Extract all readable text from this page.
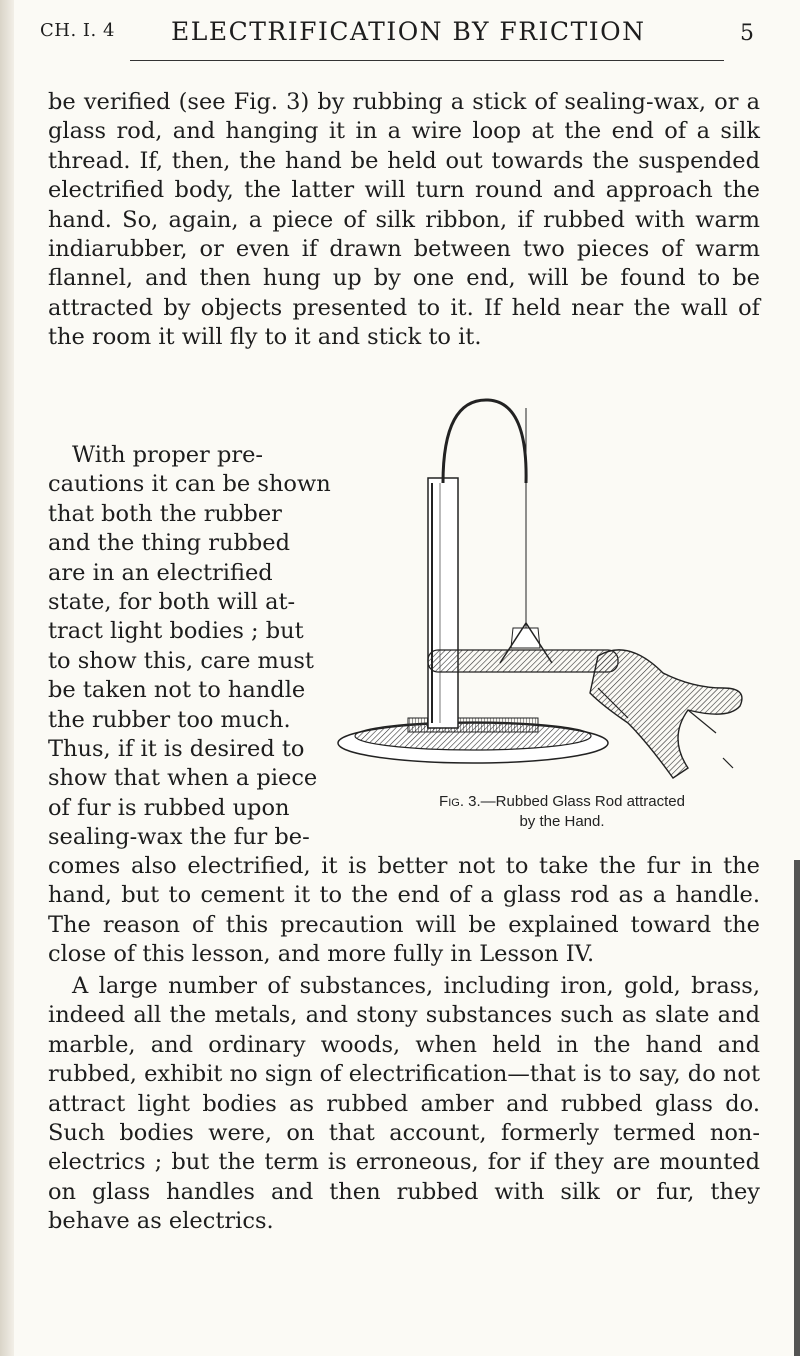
CH. I. 4 ELECTRIFICATION BY FRICTION	5

be verified (see Fig. 3) by rubbing a stick of sealing-wax, or a glass rod, and hanging it in a wire loop at the end of a silk thread. If, then, the hand be held out towards the suspended electrified body, the latter will turn round and approach the hand. So, again, a piece of silk ribbon, if rubbed with warm indiarubber, or even if drawn between two pieces of warm flannel, and then hung up by one end, will be found to be attracted by objects presented to it. If held near the wall of the room it will fly to it and stick to it.

With proper pre-
cautions it can be shown
that both the rubber
and the thing rubbed
are in an electrified
state, for both will at-
tract light bodies ; but
to show this, care must
be taken not to handle
the rubber too much.
Thus, if it is desired to
show that when a piece
of fur is rubbed upon
sealing-wax the fur be-

comes also electrified, it is better not to take the fur in the hand, but to cement it to the end of a glass rod as a handle. The reason of this precaution will be explained toward the close of this lesson, and more fully in Lesson IV.

A large number of substances, including iron, gold, brass, indeed all the metals, and stony substances such as slate and marble, and ordinary woods, when held in the hand and rubbed, exhibit no sign of electrification—that is to say, do not attract light bodies as rubbed amber and rubbed glass do. Such bodies were, on that account, formerly termed non-electrics ; but the term is erroneous, for if they are mounted on glass handles and then rubbed with silk or fur, they behave as electrics.

Fig. 3.—Rubbed Glass Rod attracted
by the Hand.
